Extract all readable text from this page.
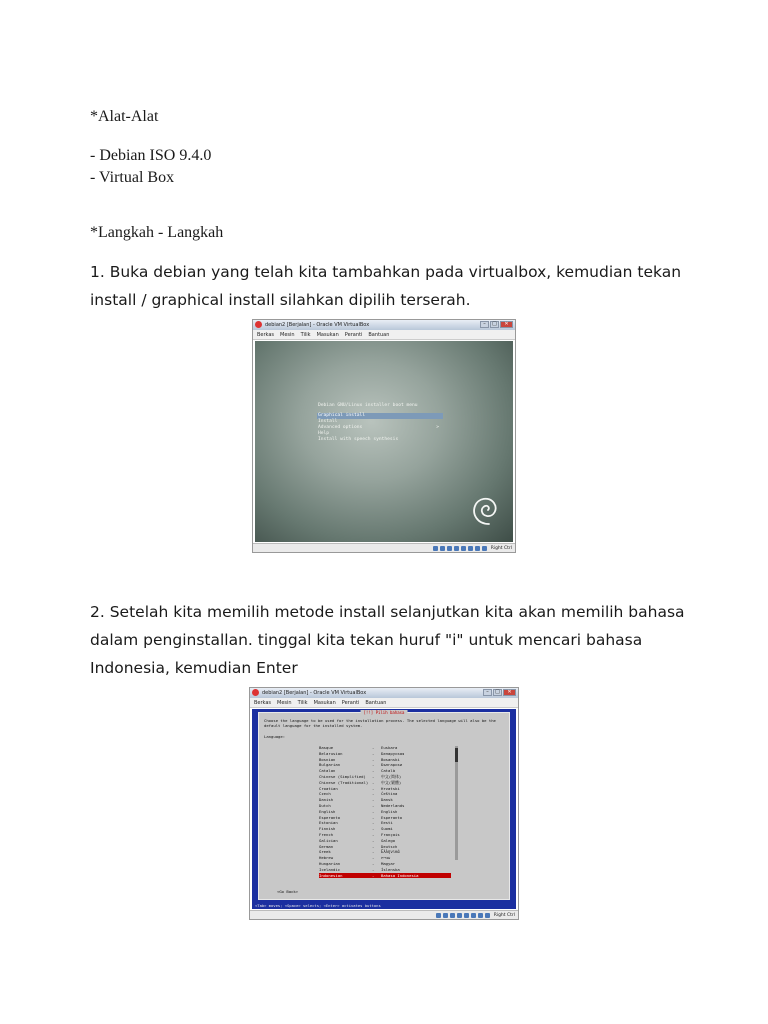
*Alat-Alat
- Debian ISO 9.4.0
- Virtual Box
*Langkah - Langkah
1. Buka debian yang telah kita tambahkan pada virtualbox, kemudian tekan install / graphical install silahkan dipilih terserah.
debian2 [Berjalan] - Oracle VM VirtualBox	–	□	✕
Berkas Mesin Tilik Masukan Peranti Bantuan
Debian GNU/Linux installer boot menu
Graphical install
Install
Advanced options	>
Help
Install with speech synthesis
Right Ctrl
2. Setelah kita memilih metode install selanjutkan kita akan memilih bahasa dalam penginstallan. tinggal kita tekan huruf "i" untuk mencari bahasa Indonesia, kemudian Enter
debian2 [Berjalan] - Oracle VM VirtualBox	–	□	✕
Berkas Mesin Tilik Masukan Peranti Bantuan
[!!] Pilih bahasa
Choose the language to be used for the installation process. The selected language will also be the default language for the installed system.
Language:
Basque	- Euskara
Belarusian	- Беларуская
Bosnian	- Bosanski
Bulgarian	- Български
Catalan	- Català
Chinese (Simplified) - 中文(简体)
Chinese (Traditional) - 中文(繁體)
Croatian	- Hrvatski
Czech	- Čeština
Danish	- Dansk
Dutch	- Nederlands
English	- English
Esperanto	- Esperanto
Estonian	- Eesti
Finnish	- Suomi
French	- Français
Galician	- Galego
German	- Deutsch
Greek	- Ελληνικά
Hebrew	- עברית
Hungarian	- Magyar
Icelandic	- Íslenska
Indonesian	- Bahasa Indonesia
<Go Back>
<Tab> moves; <Space> selects; <Enter> activates buttons
Right Ctrl
